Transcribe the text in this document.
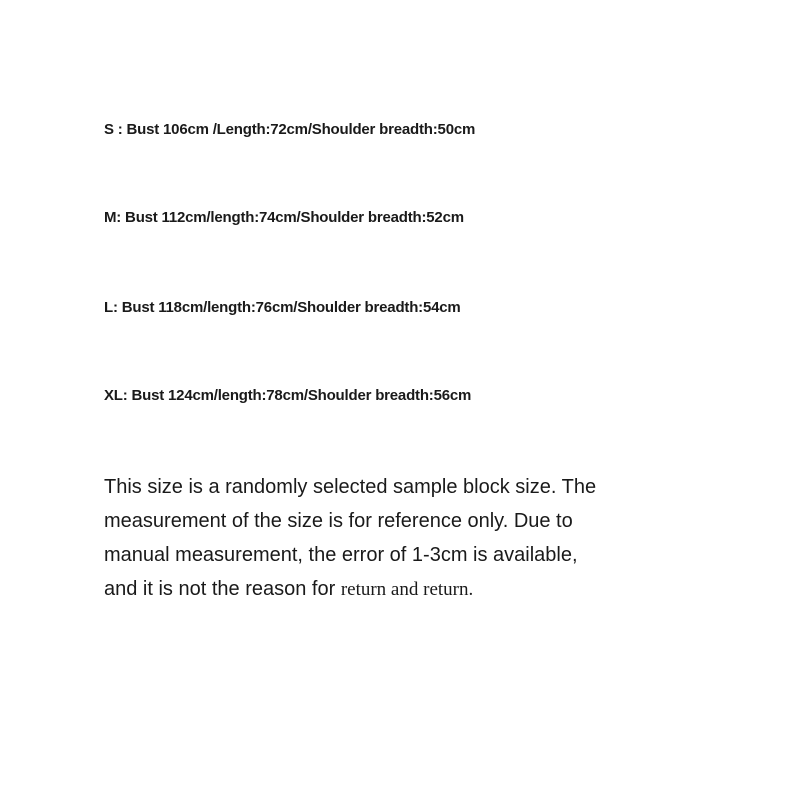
S : Bust 106cm /Length:72cm/Shoulder breadth:50cm

M: Bust 112cm/length:74cm/Shoulder breadth:52cm

L: Bust 118cm/length:76cm/Shoulder breadth:54cm

XL: Bust 124cm/length:78cm/Shoulder breadth:56cm

This size is a randomly selected sample block size. The
measurement of the size is for reference only. Due to
manual measurement, the error of 1-3cm is available,
and it is not the reason for return and return.
